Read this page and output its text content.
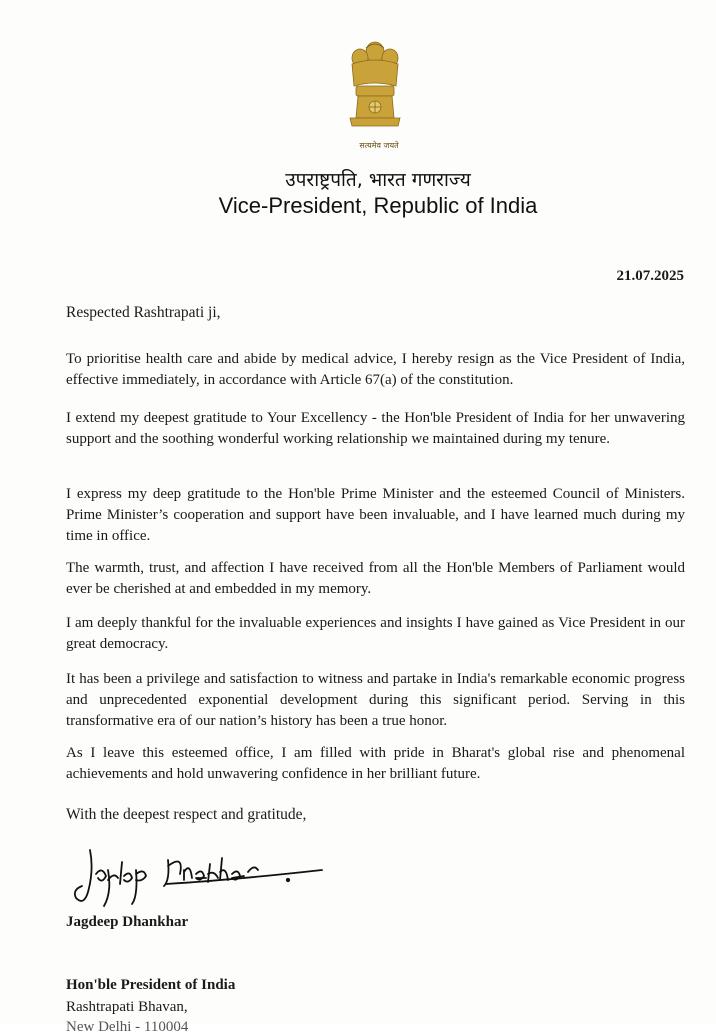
सत्यमेव जयते
उपराष्ट्रपति, भारत गणराज्य
Vice-President, Republic of India
21.07.2025
Respected Rashtrapati ji,
To prioritise health care and abide by medical advice, I hereby resign as the Vice President of India, effective immediately, in accordance with Article 67(a) of the constitution.
I extend my deepest gratitude to Your Excellency - the Hon'ble President of India for her unwavering support and the soothing wonderful working relationship we maintained during my tenure.
I express my deep gratitude to the Hon'ble Prime Minister and the esteemed Council of Ministers. Prime Minister’s cooperation and support have been invaluable, and I have learned much during my time in office.
The warmth, trust, and affection I have received from all the Hon'ble Members of Parliament would ever be cherished at and embedded in my memory.
I am deeply thankful for the invaluable experiences and insights I have gained as Vice President in our great democracy.
It has been a privilege and satisfaction to witness and partake in India's remarkable economic progress and unprecedented exponential development during this significant period. Serving in this transformative era of our nation’s history has been a true honor.
As I leave this esteemed office, I am filled with pride in Bharat's global rise and phenomenal achievements and hold unwavering confidence in her brilliant future.
With the deepest respect and gratitude,
Jagdeep Dhankhar
Hon'ble President of India
Rashtrapati Bhavan,
New Delhi - 110004
